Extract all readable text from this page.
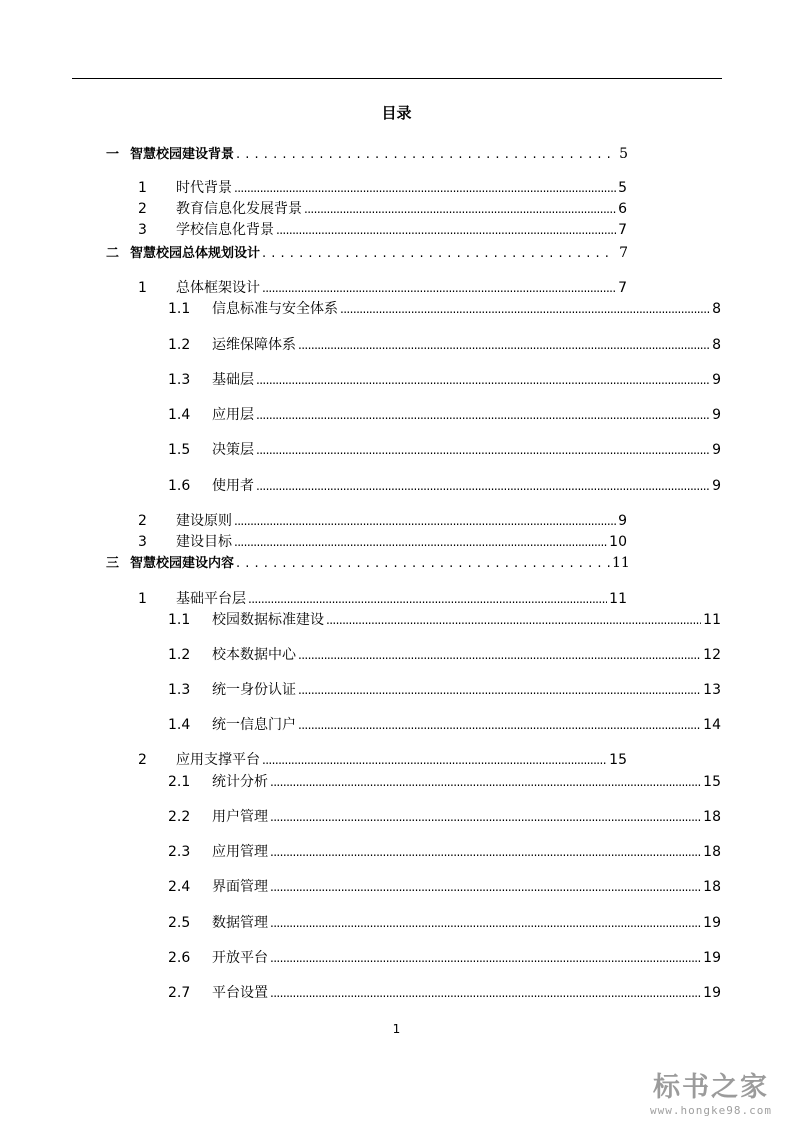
目录
一 智慧校园建设背景 . . .	5
1	时代背景 .....	5
2	教育信息化发展背景 .....	6
3	学校信息化背景 .....	7
二 智慧校园总体规划设计 . . .	7
1	总体框架设计 .....	7
1.1	信息标准与安全体系 .....	8
1.2	运维保障体系 .....	8
1.3	基础层 .....	9
1.4	应用层 .....	9
1.5	决策层 .....	9
1.6	使用者 .....	9
2	建设原则 .....	9
3	建设目标 .....	10
三 智慧校园建设内容 . . .	11
1	基础平台层 .....	11
1.1	校园数据标准建设 .....	11
1.2	校本数据中心 .....	12
1.3	统一身份认证 .....	13
1.4	统一信息门户 .....	14
2	应用支撑平台 .....	15
2.1	统计分析 .....	15
2.2	用户管理 .....	18
2.3	应用管理 .....	18
2.4	界面管理 .....	18
2.5	数据管理 .....	19
2.6	开放平台 .....	19
2.7	平台设置 .....	19
1
标书之家
www.hongke98.com
